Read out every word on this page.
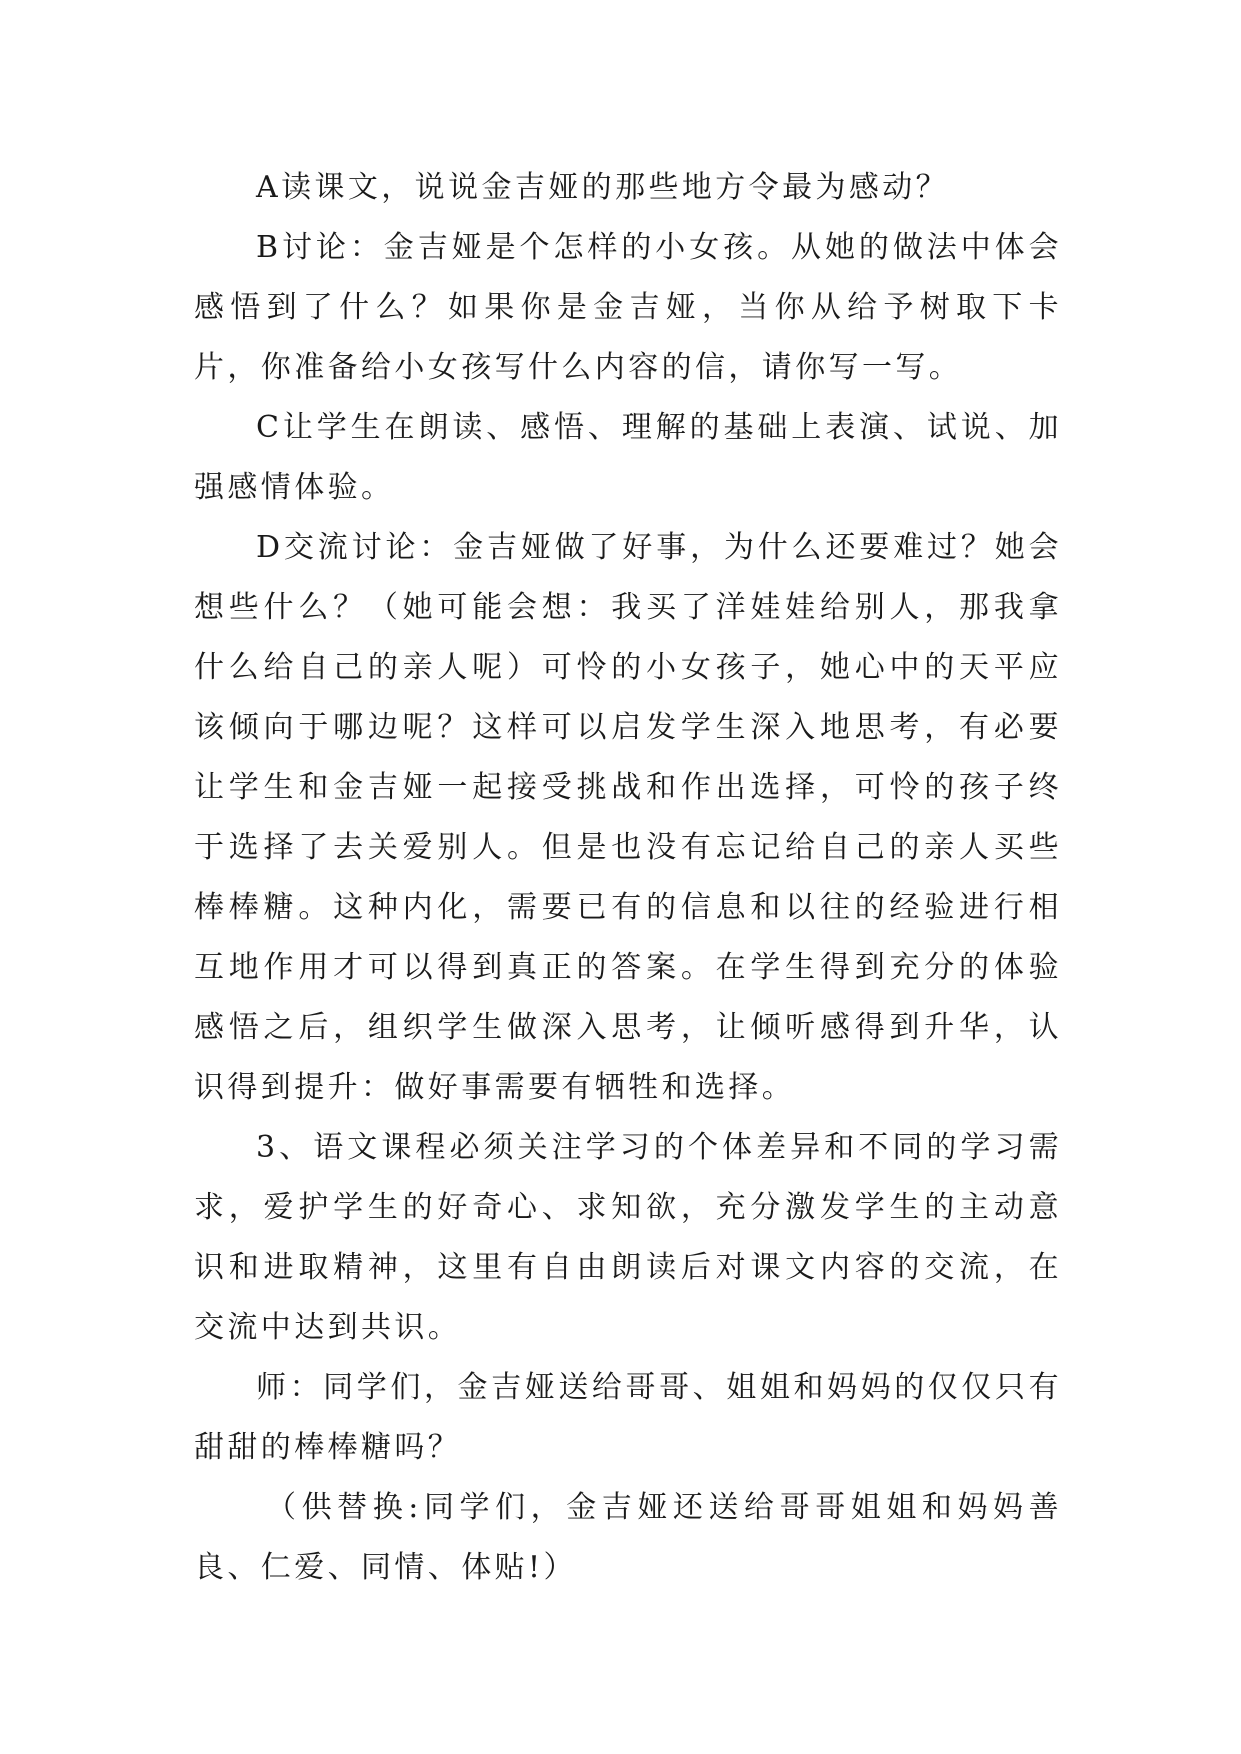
A读课文，说说金吉娅的那些地方令最为感动？

B讨论：金吉娅是个怎样的小女孩。从她的做法中体会感悟到了什么？如果你是金吉娅，当你从给予树取下卡片，你准备给小女孩写什么内容的信，请你写一写。

C让学生在朗读、感悟、理解的基础上表演、试说、加强感情体验。

D交流讨论：金吉娅做了好事，为什么还要难过？她会想些什么？（她可能会想：我买了洋娃娃给别人，那我拿什么给自己的亲人呢）可怜的小女孩子，她心中的天平应该倾向于哪边呢？这样可以启发学生深入地思考，有必要让学生和金吉娅一起接受挑战和作出选择，可怜的孩子终于选择了去关爱别人。但是也没有忘记给自己的亲人买些棒棒糖。这种内化，需要已有的信息和以往的经验进行相互地作用才可以得到真正的答案。在学生得到充分的体验感悟之后，组织学生做深入思考，让倾听感得到升华，认识得到提升：做好事需要有牺牲和选择。

3、语文课程必须关注学习的个体差异和不同的学习需求，爱护学生的好奇心、求知欲，充分激发学生的主动意识和进取精神，这里有自由朗读后对课文内容的交流，在交流中达到共识。

师：同学们，金吉娅送给哥哥、姐姐和妈妈的仅仅只有甜甜的棒棒糖吗？

（供替换:同学们，金吉娅还送给哥哥姐姐和妈妈善良、仁爱、同情、体贴!）
